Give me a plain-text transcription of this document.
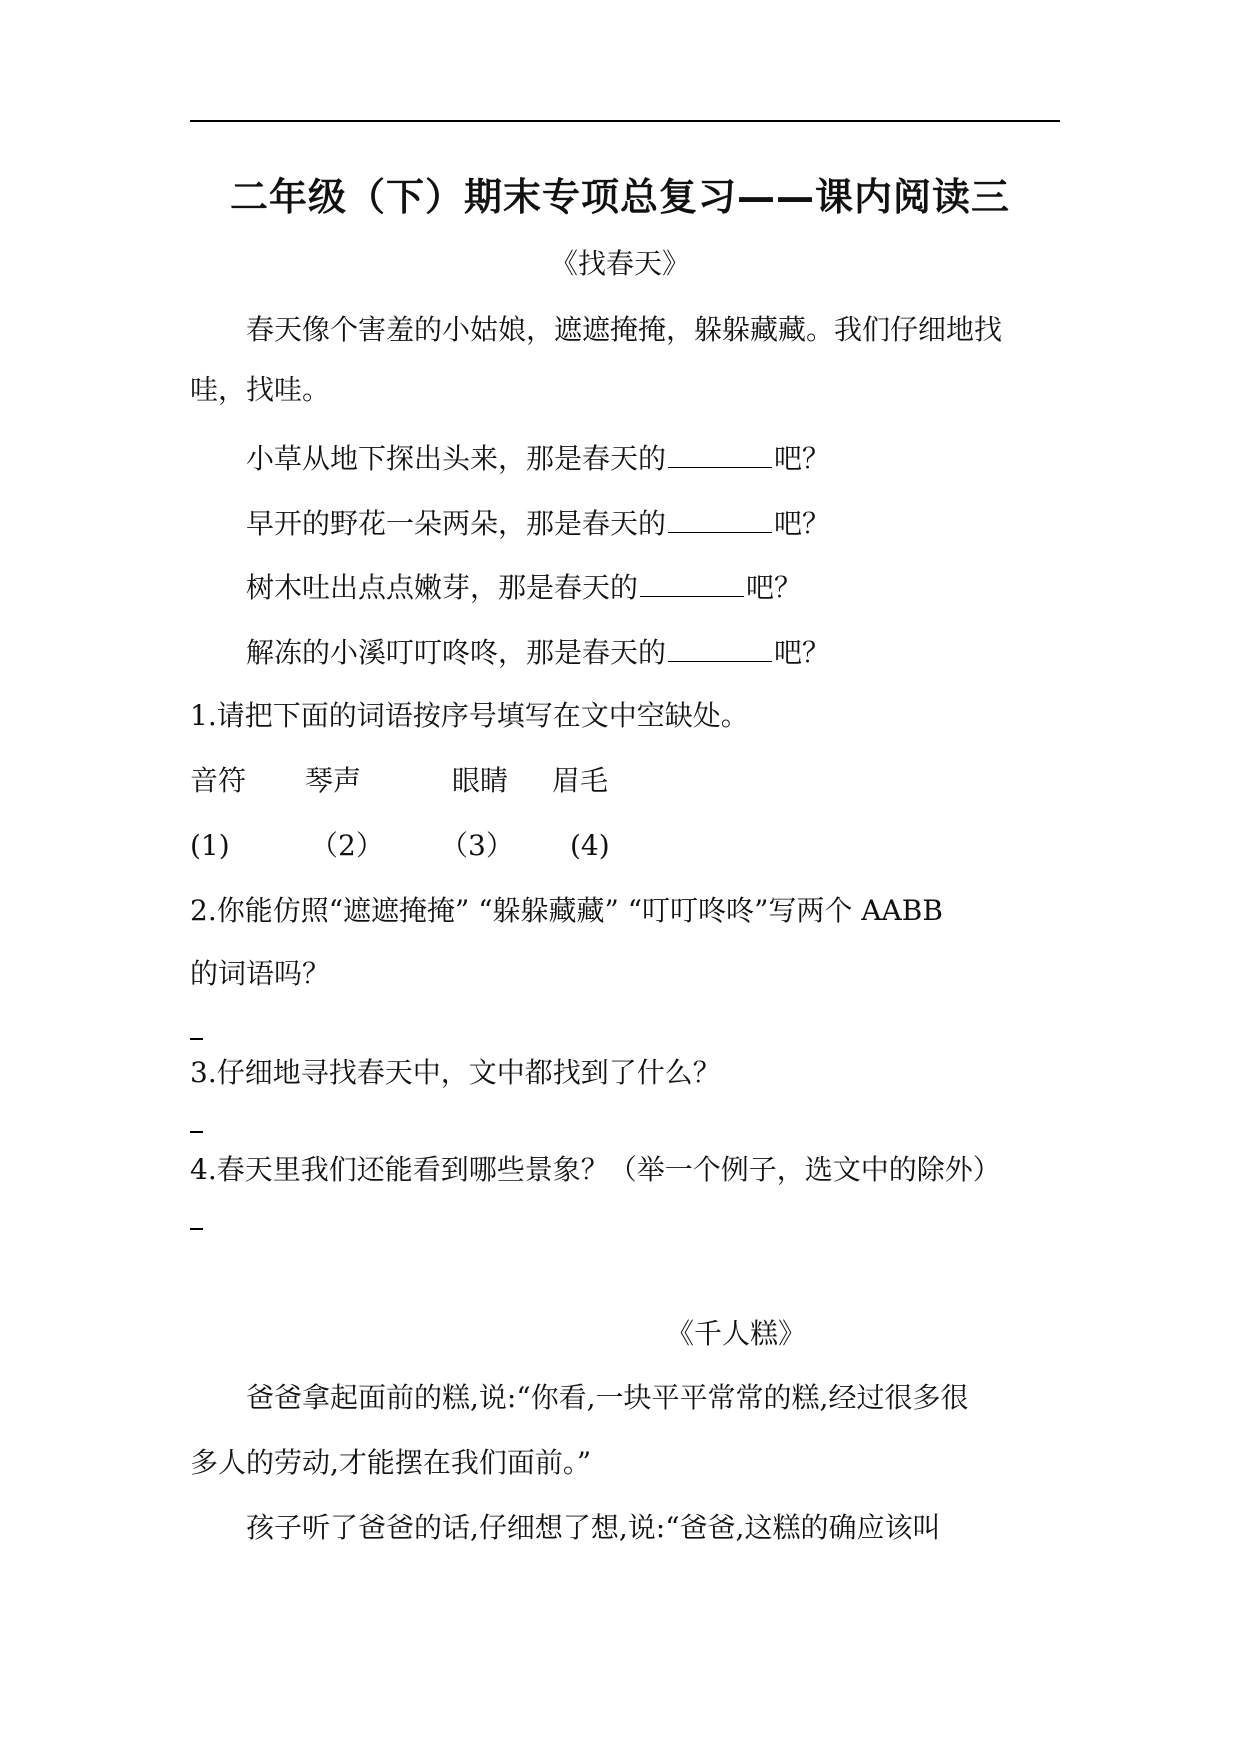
二年级（下）期末专项总复习——课内阅读三
《找春天》
春天像个害羞的小姑娘，遮遮掩掩，躲躲藏藏。我们仔细地找
哇，找哇。
小草从地下探出头来，那是春天的	吧？
早开的野花一朵两朵，那是春天的	吧？
树木吐出点点嫩芽，那是春天的	吧？
解冻的小溪叮叮咚咚，那是春天的	吧？
1.请把下面的词语按序号填写在文中空缺处。
音符 琴声	眼睛 眉毛
(1)	（2） （3） (4)
2.你能仿照“遮遮掩掩” “躲躲藏藏” “叮叮咚咚”写两个 AABB
的词语吗？
3.仔细地寻找春天中，文中都找到了什么？
4.春天里我们还能看到哪些景象？（举一个例子，选文中的除外）
《千人糕》
爸爸拿起面前的糕,说:“你看,一块平平常常的糕,经过很多很
多人的劳动,才能摆在我们面前。”
孩子听了爸爸的话,仔细想了想,说:“爸爸,这糕的确应该叫
